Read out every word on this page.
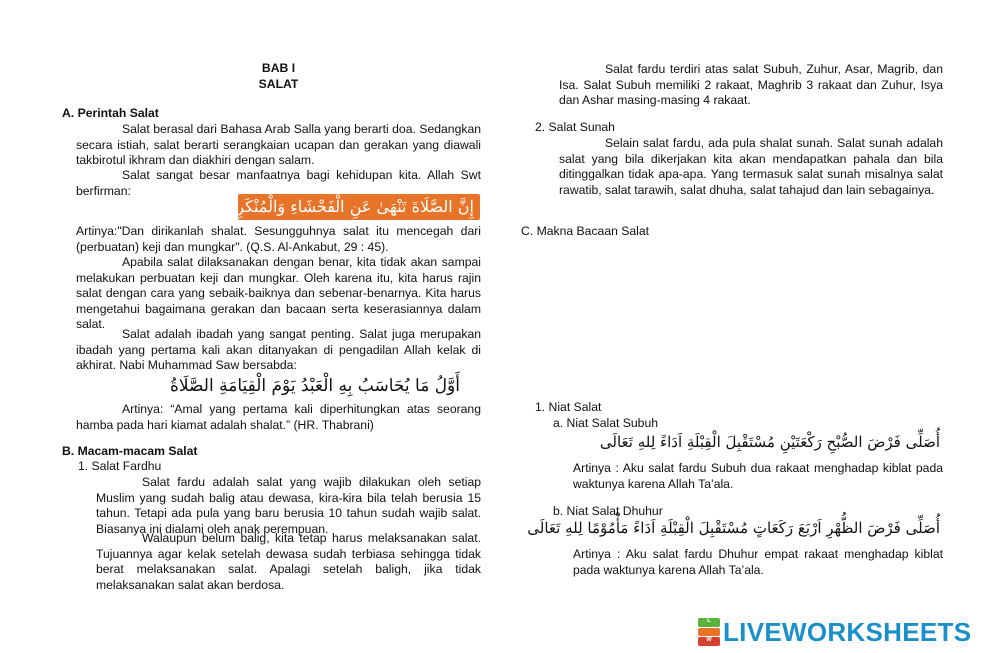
BAB I
SALAT
A. Perintah Salat

Salat berasal dari Bahasa Arab Salla yang berarti doa. Sedangkan secara istiah, salat berarti serangkaian ucapan dan gerakan yang diawali takbirotul ikhram dan diakhiri dengan salam.

Salat sangat besar manfaatnya bagi kehidupan kita. Allah Swt berfirman:

إِنَّ الصَّلَاةَ تَنْهَىٰ عَنِ الْفَحْشَاءِ وَالْمُنْكَرِ

Artinya:"Dan dirikanlah shalat. Sesungguhnya salat itu mencegah dari (perbuatan) keji dan mungkar". (Q.S. Al-Ankabut, 29 : 45).

Apabila salat dilaksanakan dengan benar, kita tidak akan sampai melakukan perbuatan keji dan mungkar. Oleh karena itu, kita harus rajin salat dengan cara yang sebaik-baiknya dan sebenar-benarnya. Kita harus mengetahui bagaimana gerakan dan bacaan serta keserasiannya dalam salat.

Salat adalah ibadah yang sangat penting. Salat juga merupakan ibadah yang pertama kali akan ditanyakan di pengadilan Allah kelak di akhirat. Nabi Muhammad Saw bersabda:

أَوَّلُ مَا يُحَاسَبُ بِهِ الْعَبْدُ يَوْمَ الْقِيَامَةِ الصَّلَاةُ

Artinya: “Amal yang pertama kali diperhitungkan atas seorang hamba pada hari kiamat adalah shalat.” (HR. Thabrani)

B. Macam-macam Salat
1. Salat Fardhu

Salat fardu adalah salat yang wajib dilakukan oleh setiap Muslim yang sudah balig atau dewasa, kira-kira bila telah berusia 15 tahun. Tetapi ada pula yang baru berusia 10 tahun sudah wajib salat. Biasanya ini dialami oleh anak perempuan.

Walaupun belum balig, kita tetap harus melaksanakan salat. Tujuannya agar kelak setelah dewasa sudah terbiasa sehingga tidak berat melaksanakan salat. Apalagi setelah baligh, jika tidak melaksanakan salat akan berdosa.

Salat fardu terdiri atas salat Subuh, Zuhur, Asar, Magrib, dan Isa. Salat Subuh memiliki 2 rakaat, Maghrib 3 rakaat dan Zuhur, Isya dan Ashar masing-masing 4 rakaat.

2. Salat Sunah

Selain salat fardu, ada pula shalat sunah. Salat sunah adalah salat yang bila dikerjakan kita akan mendapatkan pahala dan bila ditinggalkan tidak apa-apa. Yang termasuk salat sunah misalnya salat rawatib, salat tarawih, salat dhuha, salat tahajud dan lain sebagainya.

C. Makna Bacaan Salat
1. Niat Salat
a. Niat Salat Subuh
أُصَلِّى فَرْضَ الصُّبْحِ رَكْعَتَيْنِ مُسْتَقْبِلَ الْقِبْلَةِ اَدَاءً لِلهِ تَعَالَى

Artinya : Aku salat fardu Subuh dua rakaat menghadap kiblat pada waktunya karena Allah Ta’ala.

b. Niat Salat Dhuhur
أُصَلِّى فَرْضَ الظُّهْرِ اَرْبَعَ رَكَعَاتٍ مُسْتَقْبِلَ الْقِبْلَةِ اَدَاءً مَأْمُوْمًا لِلهِ تَعَالَى

Artinya : Aku salat fardu Dhuhur empat rakaat menghadap kiblat pada waktunya karena Allah Ta’ala.

L
W LIVEWORKSHEETS
